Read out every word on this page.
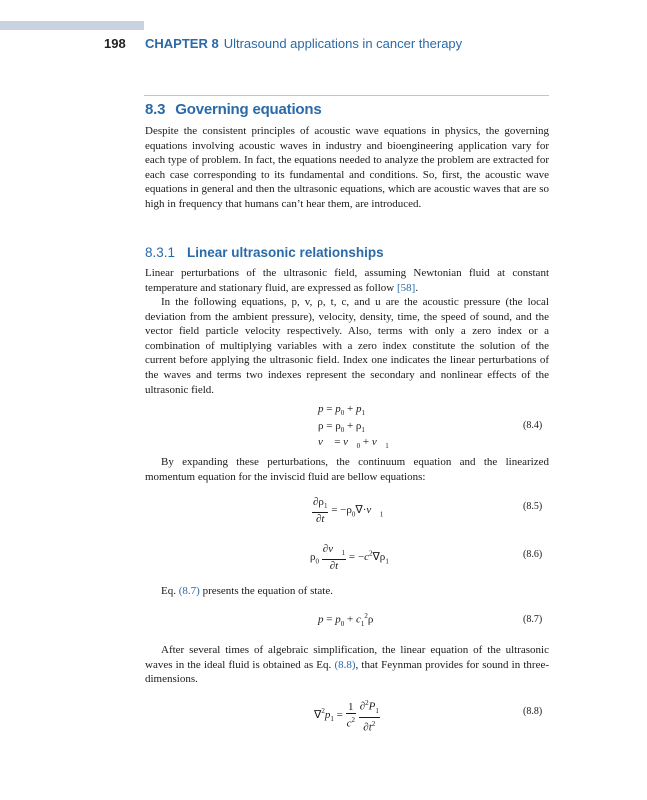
198 CHAPTER 8 Ultrasound applications in cancer therapy
8.3 Governing equations

Despite the consistent principles of acoustic wave equations in physics, the governing equations involving acoustic waves in industry and bioengineering application vary for each type of problem. In fact, the equations needed to analyze the problem are extracted for each case corresponding to its fundamental and conditions. So, first, the acoustic wave equations in general and then the ultrasonic equations, which are acoustic waves that are so high in frequency that humans can’t hear them, are introduced.

8.3.1 Linear ultrasonic relationships

Linear perturbations of the ultrasonic field, assuming Newtonian fluid at constant temperature and stationary fluid, are expressed as follow [58].

In the following equations, p, v, ρ, t, c, and u are the acoustic pressure (the local deviation from the ambient pressure), velocity, density, time, the speed of sound, and the vector field particle velocity respectively. Also, terms with only a zero index or a combination of multiplying variables with a zero index constitute the solution of the current before applying the ultrasonic field. Index one indicates the linear perturbations of the waves and terms two indexes represent the secondary and nonlinear effects of the ultrasonic field.

$p = p_0 + p_1$
$\rho = \rho_0 + \rho_1$
v⃗ = $v⃗_0$ + $v⃗_1$
(8.4)

By expanding these perturbations, the continuum equation and the linearized momentum equation for the inviscid fluid are bellow equations:

$\frac{\partial\rho_1}{\partial t}$ = $-\rho_0\nabla\cdot v⃗_1$
(8.5)
$\rho_0 \frac{\partial v⃗_1}{\partial t} = -c^2\nabla\rho_1$
(8.6)

Eq. (8.7) presents the equation of state.

$p = p_0 + c_1^2\rho$	(8.7)

After several times of algebraic simplification, the linear equation of the ultrasonic waves in the ideal fluid is obtained as Eq. (8.8), that Feynman provides for sound in three-dimensions.

$\nabla^2p_1 = \frac{1}{c^2}$
$\frac{\partial^2P_1}{\partial t^2}$	(8.8)
